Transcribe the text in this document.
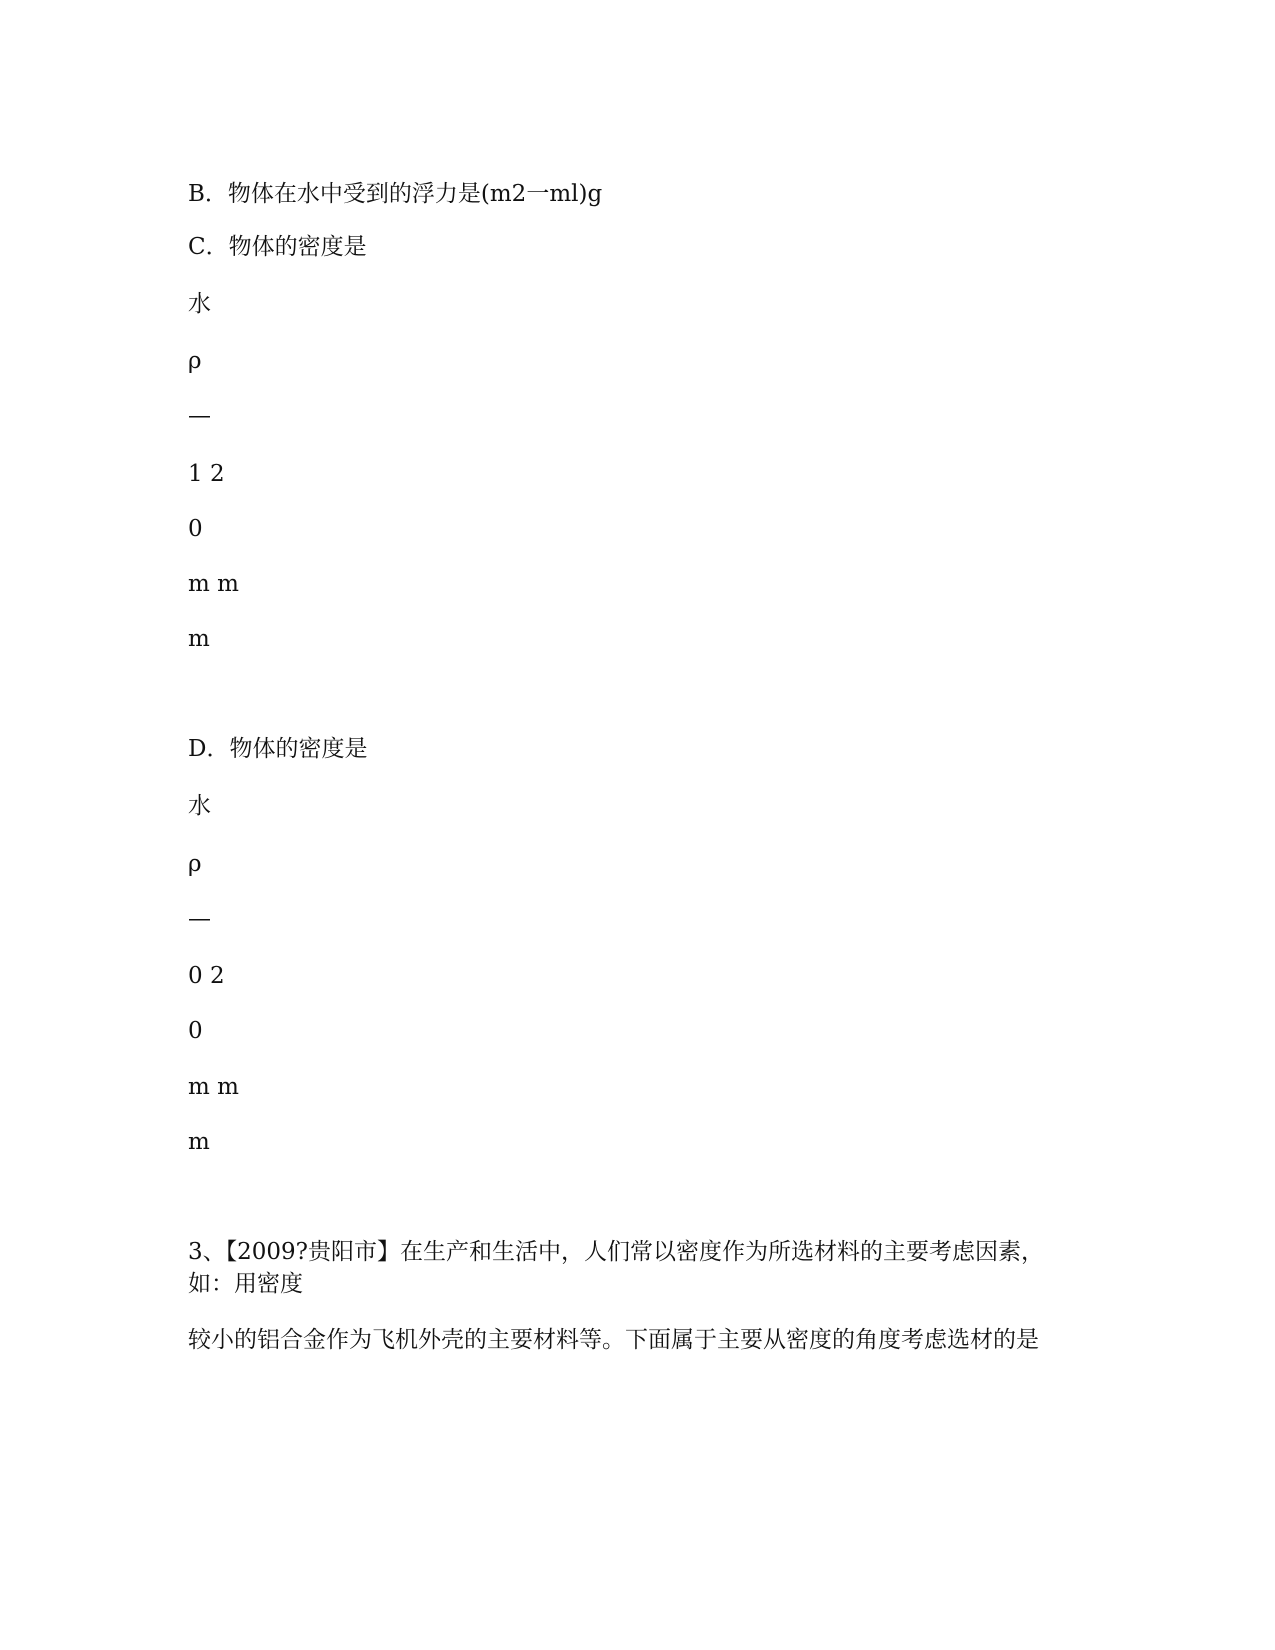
B．物体在水中受到的浮力是(m2一ml)g
C．物体的密度是
水
ρ
—
1 2
0
m m
m
D．物体的密度是
水
ρ
—
0 2
0
m m
m
3、【2009?贵阳市】在生产和生活中，人们常以密度作为所选材料的主要考虑因素，如：用密度
较小的铝合金作为飞机外壳的主要材料等。下面属于主要从密度的角度考虑选材的是
